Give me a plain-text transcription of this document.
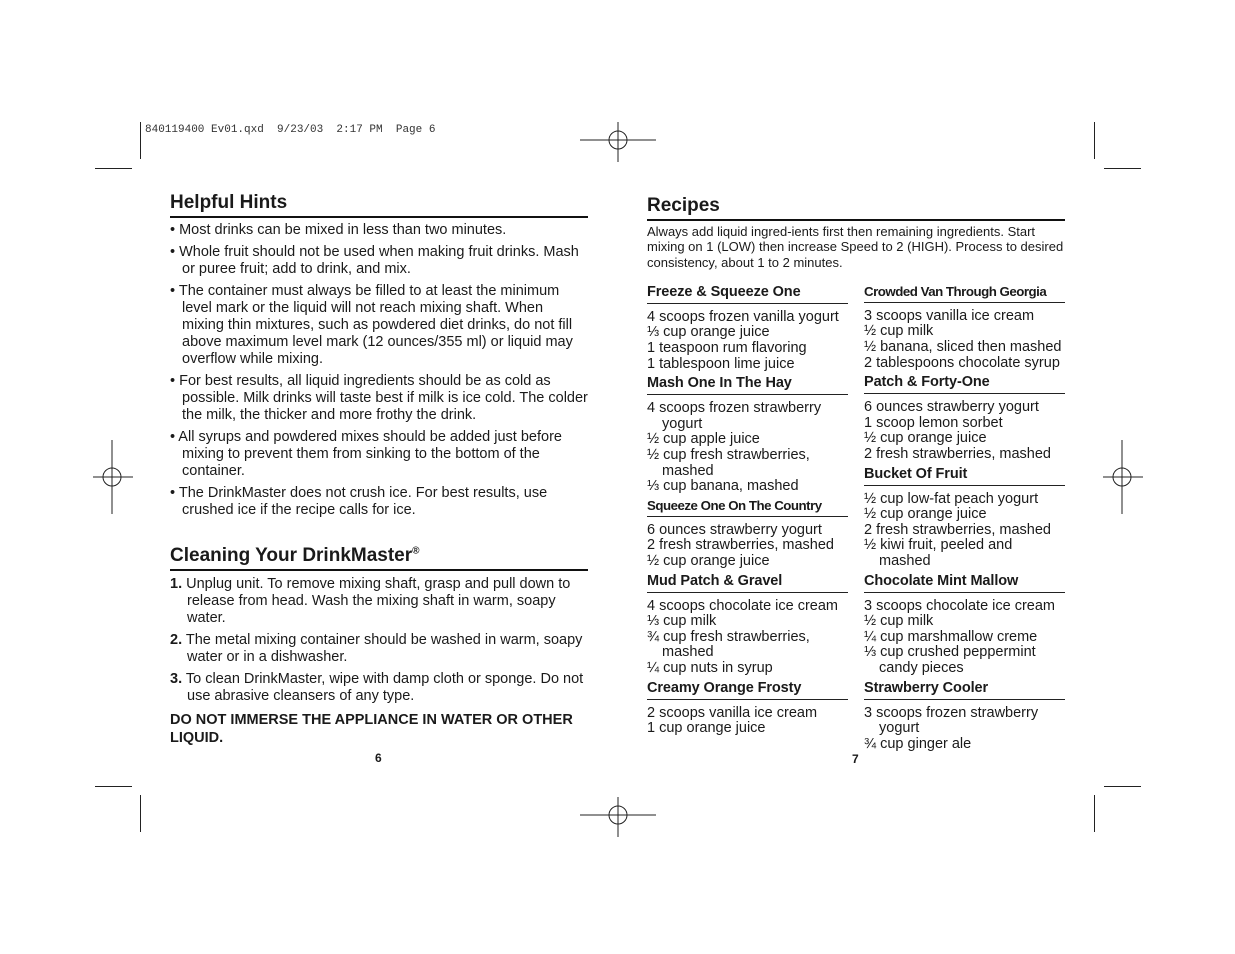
840119400 Ev01.qxd  9/23/03  2:17 PM  Page 6
Helpful Hints
• Most drinks can be mixed in less than two minutes.
• Whole fruit should not be used when making fruit drinks. Mash or puree fruit; add to drink, and mix.
• The container must always be filled to at least the minimum level mark or the liquid will not reach mixing shaft. When mixing thin mixtures, such as powdered diet drinks, do not fill above maximum level mark (12 ounces/355 ml) or liquid may overflow while mixing.
• For best results, all liquid ingredients should be as cold as possible. Milk drinks will taste best if milk is ice cold. The colder the milk, the thicker and more frothy the drink.
• All syrups and powdered mixes should be added just before mixing to prevent them from sinking to the bottom of the container.
• The DrinkMaster does not crush ice. For best results, use crushed ice if the recipe calls for ice.
Cleaning Your DrinkMaster®
1. Unplug unit. To remove mixing shaft, grasp and pull down to release from head. Wash the mixing shaft in warm, soapy water.
2. The metal mixing container should be washed in warm, soapy water or in a dishwasher.
3. To clean DrinkMaster, wipe with damp cloth or sponge. Do not use abrasive cleansers of any type.
DO NOT IMMERSE THE APPLIANCE IN WATER OR OTHER LIQUID.
6
Recipes
Always add liquid ingred-ients first then remaining ingredients. Start mixing on 1 (LOW) then increase Speed to 2 (HIGH). Process to desired consistency, about 1 to 2 minutes.
Freeze & Squeeze One
4 scoops frozen vanilla yogurt
⅓ cup orange juice
1 teaspoon rum flavoring
1 tablespoon lime juice
Mash One In The Hay
4 scoops frozen strawberry yogurt
½ cup apple juice
½ cup fresh strawberries, mashed
⅓ cup banana, mashed
Squeeze One On The Country
6 ounces strawberry yogurt
2 fresh strawberries, mashed
½ cup orange juice
Mud Patch & Gravel
4 scoops chocolate ice cream
⅓ cup milk
¾ cup fresh strawberries, mashed
¼ cup nuts in syrup
Creamy Orange Frosty
2 scoops vanilla ice cream
1 cup orange juice
Crowded Van Through Georgia
3 scoops vanilla ice cream
½ cup milk
½ banana, sliced then mashed
2 tablespoons chocolate syrup
Patch & Forty-One
6 ounces strawberry yogurt
1 scoop lemon sorbet
½ cup orange juice
2 fresh strawberries, mashed
Bucket Of Fruit
½ cup low-fat peach yogurt
½ cup orange juice
2 fresh strawberries, mashed
½ kiwi fruit, peeled and mashed
Chocolate Mint Mallow
3 scoops chocolate ice cream
½ cup milk
¼ cup marshmallow creme
⅓ cup crushed peppermint candy pieces
Strawberry Cooler
3 scoops frozen strawberry yogurt
¾ cup ginger ale
7
